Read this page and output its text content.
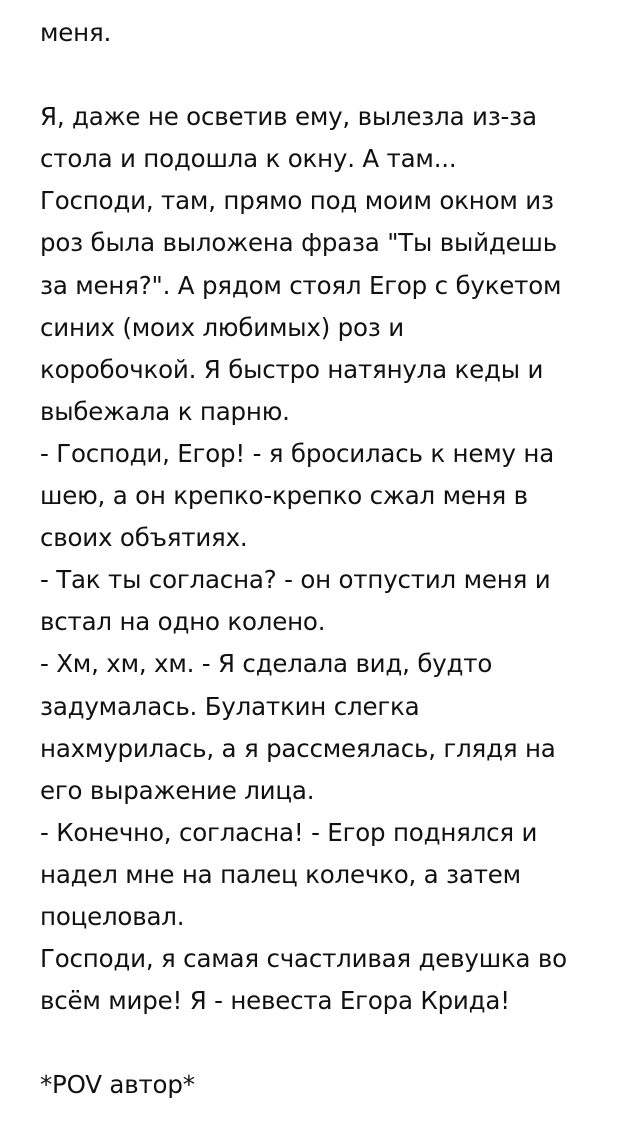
меня.
Я, даже не осветив ему, вылезла из-за
стола и подошла к окну. А там...
Господи, там, прямо под моим окном из
роз была выложена фраза "Ты выйдешь
за меня?". А рядом стоял Егор с букетом
синих (моих любимых) роз и
коробочкой. Я быстро натянула кеды и
выбежала к парню.
- Господи, Егор! - я бросилась к нему на
шею, а он крепко-крепко сжал меня в
своих объятиях.
- Так ты согласна? - он отпустил меня и
встал на одно колено.
- Хм, хм, хм. - Я сделала вид, будто
задумалась. Булаткин слегка
нахмурилась, а я рассмеялась, глядя на
его выражение лица.
- Конечно, согласна! - Егор поднялся и
надел мне на палец колечко, а затем
поцеловал.
Господи, я самая счастливая девушка во
всём мире! Я - невеста Егора Крида!
*POV автор*
